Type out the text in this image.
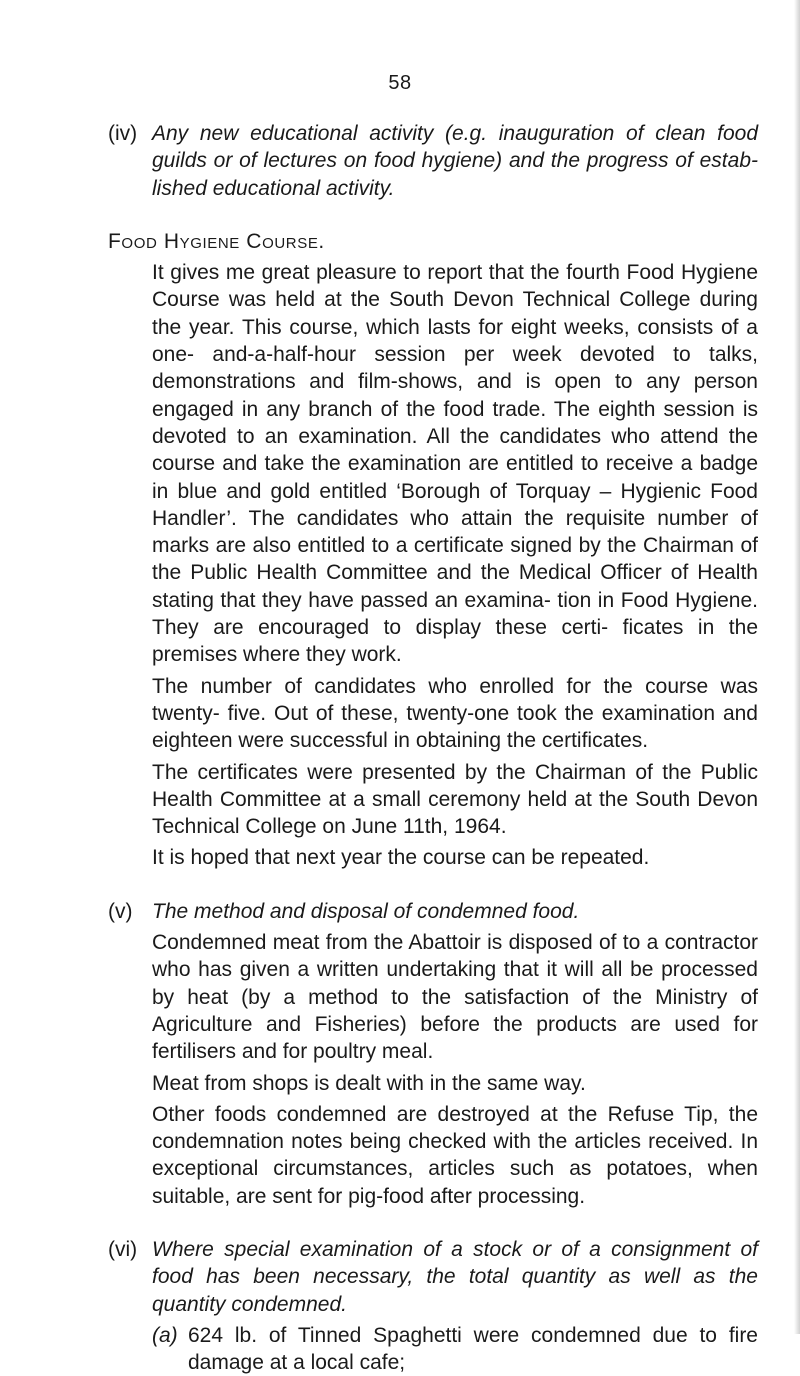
58

(iv) Any new educational activity (e.g. inauguration of clean food guilds or of lectures on food hygiene) and the progress of estab- lished educational activity.

Food Hygiene Course.

It gives me great pleasure to report that the fourth Food Hygiene Course was held at the South Devon Technical College during the year. This course, which lasts for eight weeks, consists of a one- and-a-half-hour session per week devoted to talks, demonstrations and film-shows, and is open to any person engaged in any branch of the food trade. The eighth session is devoted to an examination. All the candidates who attend the course and take the examination are entitled to receive a badge in blue and gold entitled ‘Borough of Torquay – Hygienic Food Handler’. The candidates who attain the requisite number of marks are also entitled to a certificate signed by the Chairman of the Public Health Committee and the Medical Officer of Health stating that they have passed an examina- tion in Food Hygiene. They are encouraged to display these certi- ficates in the premises where they work.

The number of candidates who enrolled for the course was twenty- five. Out of these, twenty-one took the examination and eighteen were successful in obtaining the certificates.

The certificates were presented by the Chairman of the Public Health Committee at a small ceremony held at the South Devon Technical College on June 11th, 1964.

It is hoped that next year the course can be repeated.

(v) The method and disposal of condemned food.

Condemned meat from the Abattoir is disposed of to a contractor who has given a written undertaking that it will all be processed by heat (by a method to the satisfaction of the Ministry of Agriculture and Fisheries) before the products are used for fertilisers and for poultry meal.

Meat from shops is dealt with in the same way.

Other foods condemned are destroyed at the Refuse Tip, the condemnation notes being checked with the articles received. In exceptional circumstances, articles such as potatoes, when suitable, are sent for pig-food after processing.

(vi) Where special examination of a stock or of a consignment of food has been necessary, the total quantity as well as the quantity condemned.

(a) 624 lb. of Tinned Spaghetti were condemned due to fire damage at a local cafe;
